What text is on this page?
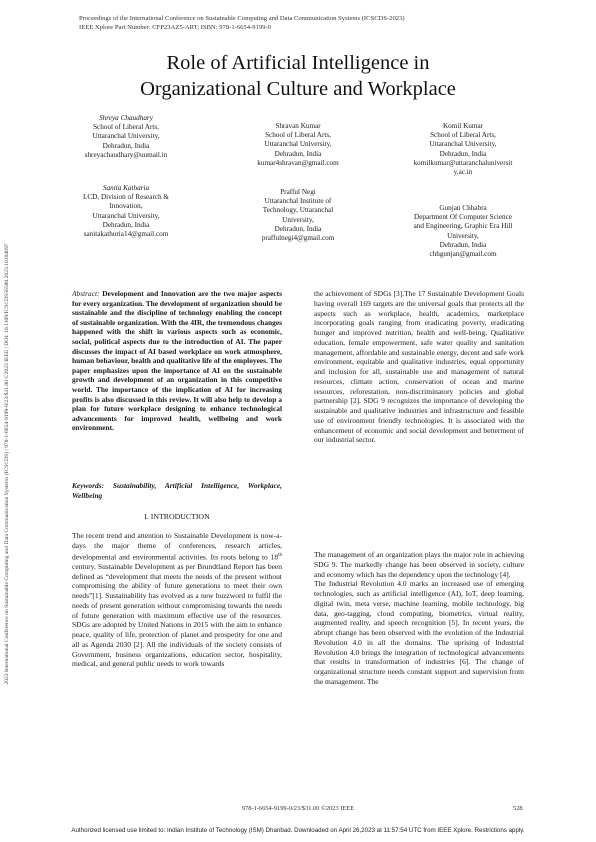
Proceedings of the International Conference on Sustainable Computing and Data Communication Systems (ICSCDS-2023)
IEEE Xplore Part Number: CFP23AZ5-ART; ISBN: 978-1-6654-9199-0
Role of Artificial Intelligence in
Organizational Culture and Workplace
2023 International Conference on Sustainable Computing and Data Communication Systems (ICSCDS) | 978-1-6654-9199-0/23/$31.00 ©2023 IEEE | DOI: 10.1109/ICSCDS56580.2023.10104697
Shreya Chaudhary
School of Liberal Arts,
Uttaranchal University,
Dehradun, India
shreyachaudhary@uumail.in
Shravan Kumar
School of Liberal Arts,
Uttaranchal University,
Dehradun, India
kumar4shravan@gmail.com
Komil Kumar
School of Liberal Arts,
Uttaranchal University,
Dehradun, India
komilkumar@uttaranchaluniversit
y.ac.in
Sanita Katharia
LCD, Division of Research &
Innovation,
Uttaranchal University,
Dehradun, India
sanitakathuria14@gmail.com
Prafful Negi
Uttaranchal Institute of
Technology, Uttaranchal
University,
Dehradun, India
praffulnegi4@gmail.com
Gunjan Chhabra
Department Of Computer Science
and Engineering, Graphic Era Hill
University,
Dehradun, India
chhgunjan@gmail.com
Abstract: Development and Innovation are the two major aspects for every organization. The development of organization should be sustainable and the discipline of technology enabling the concept of sustainable organization. With the 4IR, the tremendous changes happened with the shift in various aspects such as economic, social, political aspects due to the introduction of AI. The paper discusses the impact of AI based workplace on work atmosphere, human behaviour, health and qualitative life of the employees. The paper emphasizes upon the importance of AI on the sustainable growth and development of an organization in this competitive world. The importance of the implication of AI for increasing profits is also discussed in this review. It will also help to develop a plan for future workplace designing to enhance technological advancements for improved health, wellbeing and work environment.
Keywords: Sustainability, Artificial Intelligence, Workplace, Wellbeing
I. INTRODUCTION

The recent trend and attention to Sustainable Development is now-a-days the major theme of conferences, research articles, developmental and environmental activities. Its roots belong to 18th century. Sustainable Development as per Brundtland Report has been defined as “development that meets the needs of the present without compromising the ability of future generations to meet their own needs”[1]. Sustainability has evolved as a new buzzword to fulfil the needs of present generation without compromising towards the needs of future generation with maximum effective use of the resources. SDGs are adopted by United Nations in 2015 with the aim to enhance peace, quality of life, protection of planet and prosperity for one and all as Agenda 2030 [2]. All the individuals of the society consists of Government, business organizations, education sector, hospitality, medical, and general public needs to work towards

the achievement of SDGs [3].The 17 Sustainable Development Goals having overall 169 targets are the universal goals that protects all the aspects such as workplace, health, academics, marketplace incorporating goals ranging from eradicating poverty, eradicating hunger and improved nutrition, health and well-being, Qualitative education, female empowerment, safe water quality and sanitation management, affordable and sustainable energy, decent and safe work environment, equitable and qualitative industries, equal opportunity and inclusion for all, sustainable use and management of natural resources, climate action, conservation of ocean and marine resources, reforestation, non-discriminatory policies and global partnership [2]. SDG 9 recognizes the importance of developing the sustainable and qualitative industries and infrastructure and feasible use of environment friendly technologies. It is associated with the enhancement of economic and social development and betterment of our industrial sector.

The management of an organization plays the major role in achieving SDG 9. The markedly change has been observed in society, culture and economy which has the dependency upon the technology [4].

The Industrial Revolution 4.0 marks an increased use of emerging technologies, such as artificial intelligence (AI), IoT, deep learning, digital twin, meta verse, machine learning, mobile technology, big data, geo-tagging, cloud computing, biometrics, virtual reality, augmented reality, and speech recognition [5]. In recent years, the abrupt change has been observed with the evolution of the Industrial Revolution 4.0 in all the domains. The uprising of Industrial Revolution 4.0 brings the integration of technological advancements that results in transformation of industries [6]. The change of organizational structure needs constant support and supervision from the management. The

978-1-6654-9199-0/23/$31.00 ©2023 IEEE	528
Authorized licensed use limited to: Indian Institute of Technology (ISM) Dhanbad. Downloaded on April 26,2023 at 11:57:54 UTC from IEEE Xplore. Restrictions apply.
